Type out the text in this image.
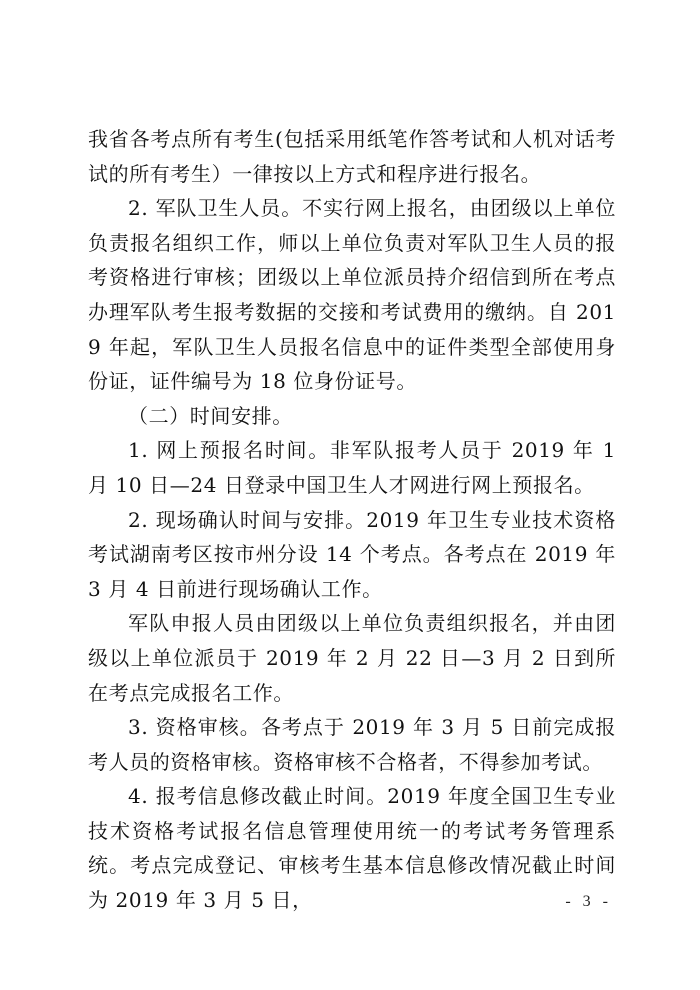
我省各考点所有考生(包括采用纸笔作答考试和人机对话考试的所有考生）一律按以上方式和程序进行报名。

2. 军队卫生人员。不实行网上报名，由团级以上单位负责报名组织工作，师以上单位负责对军队卫生人员的报考资格进行审核；团级以上单位派员持介绍信到所在考点办理军队考生报考数据的交接和考试费用的缴纳。自 2019 年起，军队卫生人员报名信息中的证件类型全部使用身份证，证件编号为 18 位身份证号。

（二）时间安排。

1. 网上预报名时间。非军队报考人员于 2019 年 1 月 10 日—24 日登录中国卫生人才网进行网上预报名。

2. 现场确认时间与安排。2019 年卫生专业技术资格考试湖南考区按市州分设 14 个考点。各考点在 2019 年 3 月 4 日前进行现场确认工作。

军队申报人员由团级以上单位负责组织报名，并由团级以上单位派员于 2019 年 2 月 22 日—3 月 2 日到所在考点完成报名工作。

3. 资格审核。各考点于 2019 年 3 月 5 日前完成报考人员的资格审核。资格审核不合格者，不得参加考试。

4. 报考信息修改截止时间。2019 年度全国卫生专业技术资格考试报名信息管理使用统一的考试考务管理系统。考点完成登记、审核考生基本信息修改情况截止时间为 2019 年 3 月 5 日，	- 3 -
